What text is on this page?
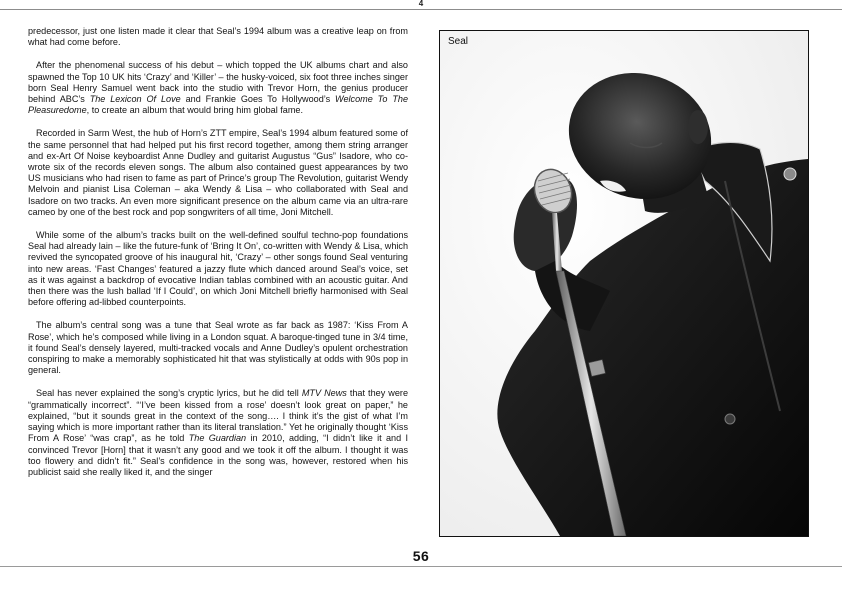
4

predecessor, just one listen made it clear that Seal’s 1994 album was a creative leap on from what had come before.

After the phenomenal success of his debut – which topped the UK albums chart and also spawned the Top 10 UK hits ‘Crazy’ and ‘Killer’ – the husky-voiced, six foot three inches singer born Seal Henry Samuel went back into the studio with Trevor Horn, the genius producer behind ABC’s The Lexicon Of Love and Frankie Goes To Hollywood’s Welcome To The Pleasuredome, to create an album that would bring him global fame.

Recorded in Sarm West, the hub of Horn’s ZTT empire, Seal’s 1994 album featured some of the same personnel that had helped put his first record together, among them string arranger and ex-Art Of Noise keyboardist Anne Dudley and guitarist Augustus “Gus” Isadore, who co-wrote six of the records eleven songs. The album also contained guest appearances by two US musicians who had risen to fame as part of Prince’s group The Revolution, guitarist Wendy Melvoin and pianist Lisa Coleman – aka Wendy & Lisa – who collaborated with Seal and Isadore on two tracks. An even more significant presence on the album came via an ultra-rare cameo by one of the best rock and pop songwriters of all time, Joni Mitchell.

While some of the album’s tracks built on the well-defined soulful techno-pop foundations Seal had already lain – like the future-funk of ‘Bring It On’, co-written with Wendy & Lisa, which revived the syncopated groove of his inaugural hit, ‘Crazy’ – other songs found Seal venturing into new areas. ‘Fast Changes’ featured a jazzy flute which danced around Seal’s voice, set as it was against a backdrop of evocative Indian tablas combined with an acoustic guitar. And then there was the lush ballad ‘If I Could’, on which Joni Mitchell briefly harmonised with Seal before offering ad-libbed counterpoints.

The album’s central song was a tune that Seal wrote as far back as 1987: ‘Kiss From A Rose’, which he’s composed while living in a London squat. A baroque-tinged tune in 3/4 time, it found Seal’s densely layered, multi-tracked vocals and Anne Dudley’s opulent orchestration conspiring to make a memorably sophisticated hit that was stylistically at odds with 90s pop in general.

Seal has never explained the song’s cryptic lyrics, but he did tell MTV News that they were “grammatically incorrect”. “‘I’ve been kissed from a rose’ doesn’t look great on paper,” he explained, “but it sounds great in the context of the song…. I think it’s the gist of what I’m saying which is more important rather than its literal translation.” Yet he originally thought ‘Kiss From A Rose’ “was crap”, as he told The Guardian in 2010, adding, “I didn’t like it and I convinced Trevor [Horn] that it wasn’t any good and we took it off the album. I thought it was too flowery and didn’t fit.” Seal’s confidence in the song was, however, restored when his publicist said she really liked it, and the singer

Seal
56
